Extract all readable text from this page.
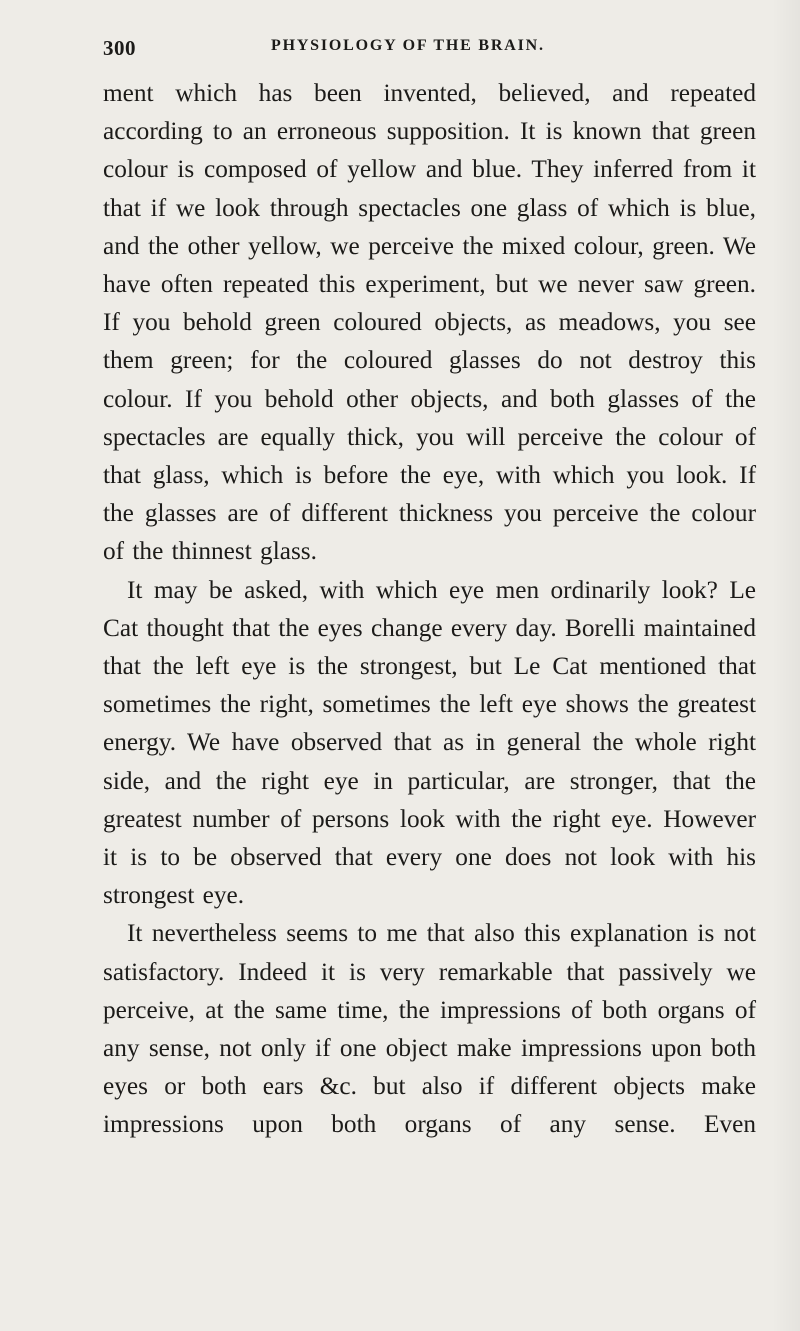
300	PHYSIOLOGY OF THE BRAIN.

ment which has been invented, believed, and repeated according to an erroneous supposition. It is known that green colour is composed of yellow and blue. They inferred from it that if we look through spectacles one glass of which is blue, and the other yellow, we perceive the mixed colour, green. We have often repeated this experiment, but we never saw green. If you behold green coloured objects, as meadows, you see them green; for the coloured glasses do not destroy this colour. If you behold other objects, and both glasses of the spectacles are equally thick, you will perceive the colour of that glass, which is before the eye, with which you look. If the glasses are of different thickness you perceive the colour of the thinnest glass.

It may be asked, with which eye men ordinarily look? Le Cat thought that the eyes change every day. Borelli maintained that the left eye is the strongest, but Le Cat mentioned that sometimes the right, sometimes the left eye shows the greatest energy. We have observed that as in general the whole right side, and the right eye in particular, are stronger, that the greatest number of persons look with the right eye. However it is to be observed that every one does not look with his strongest eye.

It nevertheless seems to me that also this explanation is not satisfactory. Indeed it is very remarkable that passively we perceive, at the same time, the impressions of both organs of any sense, not only if one object make impressions upon both eyes or both ears &c. but also if different objects make impressions upon both organs of any sense. Even
